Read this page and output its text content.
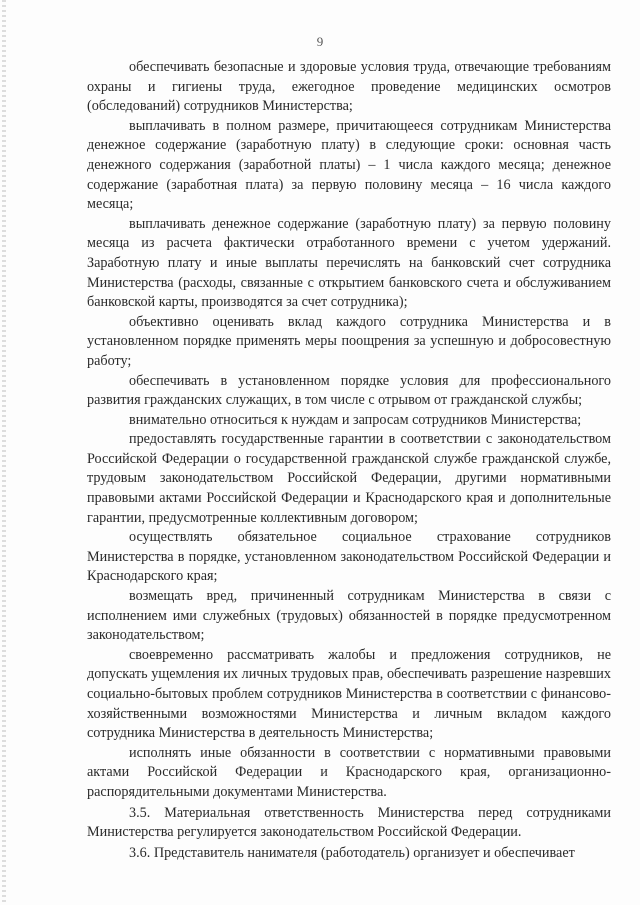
9

обеспечивать безопасные и здоровые условия труда, отвечающие требованиям охраны и гигиены труда, ежегодное проведение медицинских осмотров (обследований) сотрудников Министерства;

выплачивать в полном размере, причитающееся сотрудникам Министерства денежное содержание (заработную плату) в следующие сроки: основная часть денежного содержания (заработной платы) – 1 числа каждого месяца; денежное содержание (заработная плата) за первую половину месяца – 16 числа каждого месяца;

выплачивать денежное содержание (заработную плату) за первую половину месяца из расчета фактически отработанного времени с учетом удержаний. Заработную плату и иные выплаты перечислять на банковский счет сотрудника Министерства (расходы, связанные с открытием банковского счета и обслуживанием банковской карты, производятся за счет сотрудника);

объективно оценивать вклад каждого сотрудника Министерства и в установленном порядке применять меры поощрения за успешную и добросовестную работу;

обеспечивать в установленном порядке условия для профессионального развития гражданских служащих, в том числе с отрывом от гражданской службы;

внимательно относиться к нуждам и запросам сотрудников Министерства;

предоставлять государственные гарантии в соответствии с законодательством Российской Федерации о государственной гражданской службе гражданской службе, трудовым законодательством Российской Федерации, другими нормативными правовыми актами Российской Федерации и Краснодарского края и дополнительные гарантии, предусмотренные коллективным договором;

осуществлять обязательное социальное страхование сотрудников Министерства в порядке, установленном законодательством Российской Федерации и Краснодарского края;

возмещать вред, причиненный сотрудникам Министерства в связи с исполнением ими служебных (трудовых) обязанностей в порядке предусмотренном законодательством;

своевременно рассматривать жалобы и предложения сотрудников, не допускать ущемления их личных трудовых прав, обеспечивать разрешение назревших социально-бытовых проблем сотрудников Министерства в соответствии с финансово-хозяйственными возможностями Министерства и личным вкладом каждого сотрудника Министерства в деятельность Министерства;

исполнять иные обязанности в соответствии с нормативными правовыми актами Российской Федерации и Краснодарского края, организационно-распорядительными документами Министерства.

3.5. Материальная ответственность Министерства перед сотрудниками Министерства регулируется законодательством Российской Федерации.

3.6. Представитель нанимателя (работодатель) организует и обеспечивает
